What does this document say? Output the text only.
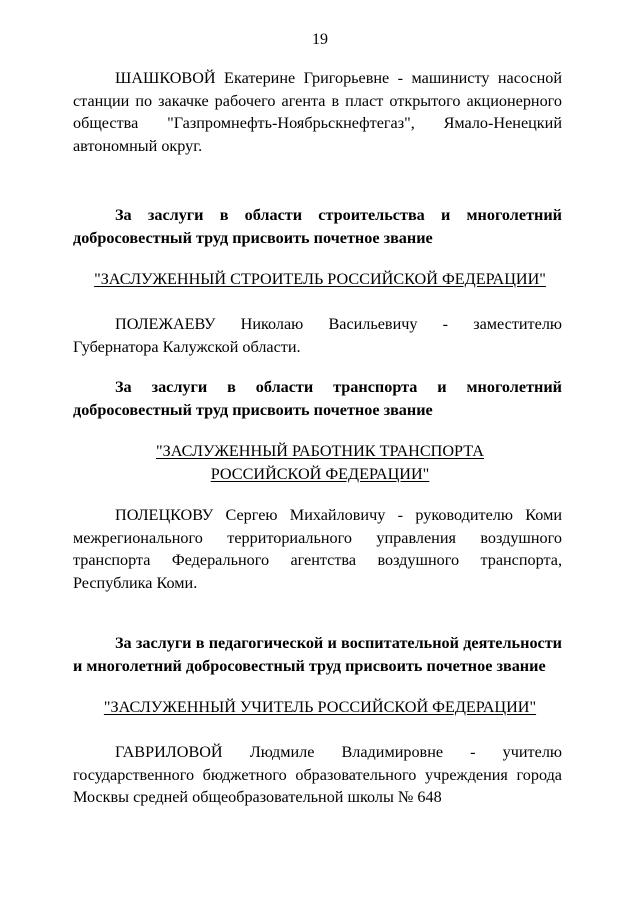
19

ШАШКОВОЙ Екатерине Григорьевне - машинисту насосной станции по закачке рабочего агента в пласт открытого акционерного общества "Газпромнефть-Ноябрьскнефтегаз", Ямало-Ненецкий автономный округ.

За заслуги в области строительства и многолетний добросовестный труд присвоить почетное звание

"ЗАСЛУЖЕННЫЙ СТРОИТЕЛЬ РОССИЙСКОЙ ФЕДЕРАЦИИ"

ПОЛЕЖАЕВУ Николаю Васильевичу - заместителю Губернатора Калужской области.

За заслуги в области транспорта и многолетний добросовестный труд присвоить почетное звание

"ЗАСЛУЖЕННЫЙ РАБОТНИК ТРАНСПОРТА
РОССИЙСКОЙ ФЕДЕРАЦИИ"

ПОЛЕЦКОВУ Сергею Михайловичу - руководителю Коми межрегионального территориального управления воздушного транспорта Федерального агентства воздушного транспорта, Республика Коми.

За заслуги в педагогической и воспитательной деятельности и многолетний добросовестный труд присвоить почетное звание

"ЗАСЛУЖЕННЫЙ УЧИТЕЛЬ РОССИЙСКОЙ ФЕДЕРАЦИИ"

ГАВРИЛОВОЙ Людмиле Владимировне - учителю государственного бюджетного образовательного учреждения города Москвы средней общеобразовательной школы № 648
